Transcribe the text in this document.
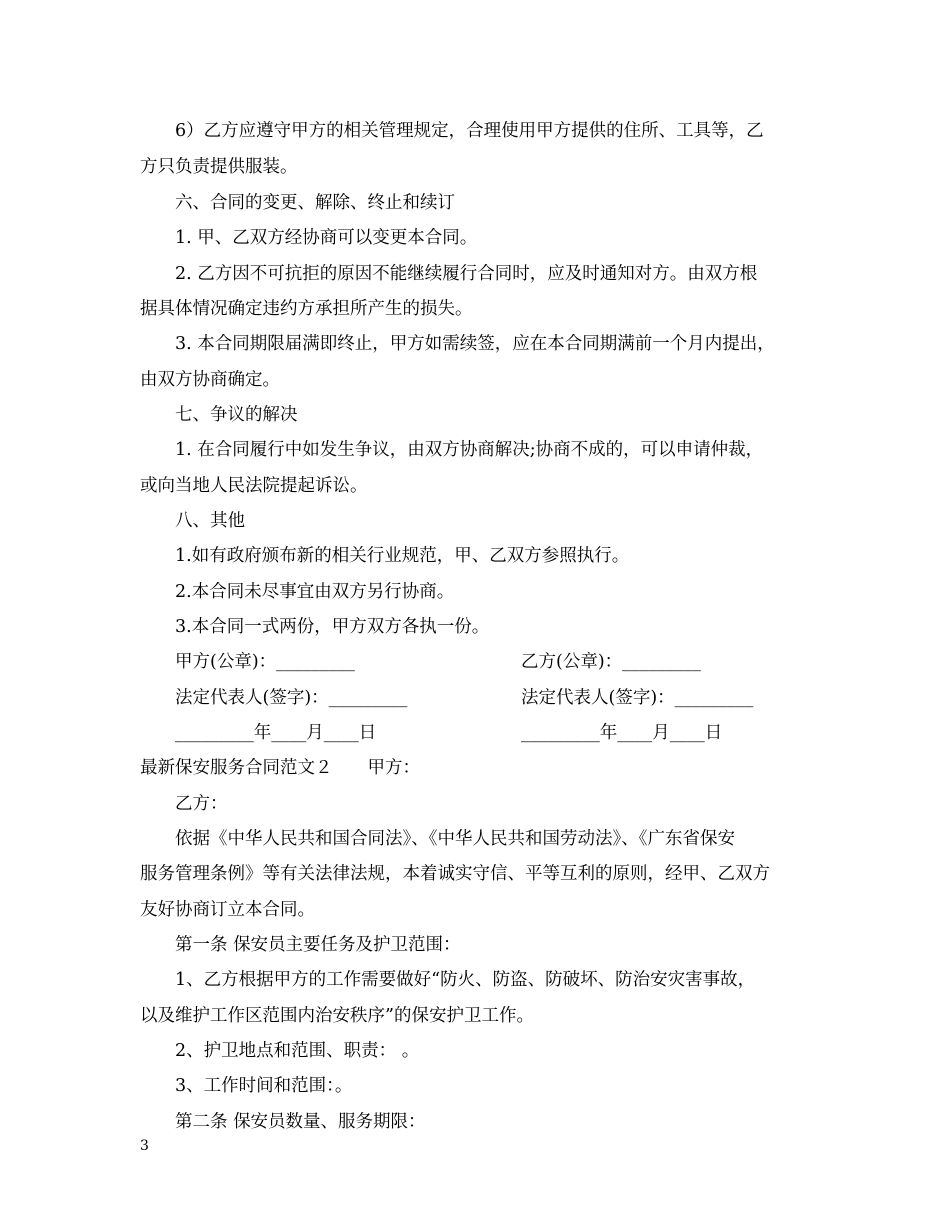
6）乙方应遵守甲方的相关管理规定，合理使用甲方提供的住所、工具等，乙
方只负责提供服装。
六、合同的变更、解除、终止和续订
1. 甲、乙双方经协商可以变更本合同。
2. 乙方因不可抗拒的原因不能继续履行合同时，应及时通知对方。由双方根
据具体情况确定违约方承担所产生的损失。
3. 本合同期限届满即终止，甲方如需续签，应在本合同期满前一个月内提出，
由双方协商确定。
七、争议的解决
1. 在合同履行中如发生争议，由双方协商解决;协商不成的，可以申请仲裁，
或向当地人民法院提起诉讼。
八、其他
1.如有政府颁布新的相关行业规范，甲、乙双方参照执行。
2.本合同未尽事宜由双方另行协商。
3.本合同一式两份，甲方双方各执一份。
甲方(公章)：_________	乙方(公章)：_________
法定代表人(签字)：_________	法定代表人(签字)：_________
_________年____月____日	_________年____月____日
最新保安服务合同范文２　　甲方：
乙方：
依据《中华人民共和国合同法》、《中华人民共和国劳动法》、《广东省保安
服务管理条例》等有关法律法规，本着诚实守信、平等互利的原则，经甲、乙双方
友好协商订立本合同。
第一条 保安员主要任务及护卫范围：
1、乙方根据甲方的工作需要做好“防火、防盗、防破坏、防治安灾害事故，
以及维护工作区范围内治安秩序”的保安护卫工作。
2、护卫地点和范围、职责： 。
3、工作时间和范围：。
第二条 保安员数量、服务期限：
3
